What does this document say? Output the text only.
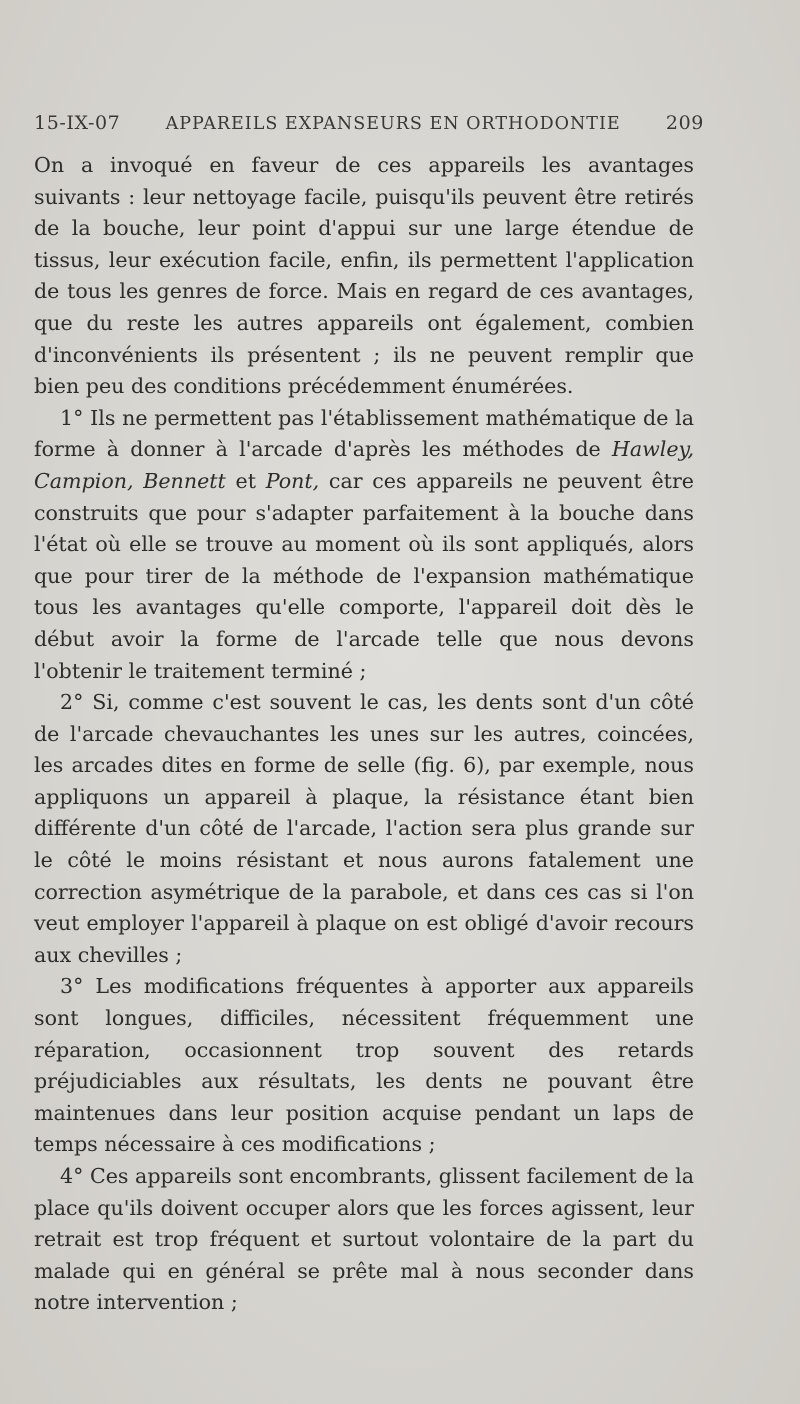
15-IX-07	APPAREILS EXPANSEURS EN ORTHODONTIE 209

On a invoqué en faveur de ces appareils les avantages suivants : leur nettoyage facile, puisqu'ils peuvent être retirés de la bouche, leur point d'appui sur une large étendue de tissus, leur exécution facile, enfin, ils permettent l'application de tous les genres de force. Mais en regard de ces avantages, que du reste les autres appareils ont également, combien d'inconvénients ils présentent ; ils ne peuvent remplir que bien peu des conditions précédemment énumérées.

1° Ils ne permettent pas l'établissement mathématique de la forme à donner à l'arcade d'après les méthodes de Hawley, Campion, Bennett et Pont, car ces appareils ne peuvent être construits que pour s'adapter parfaitement à la bouche dans l'état où elle se trouve au moment où ils sont appliqués, alors que pour tirer de la méthode de l'expansion mathématique tous les avantages qu'elle comporte, l'appareil doit dès le début avoir la forme de l'arcade telle que nous devons l'obtenir le traitement terminé ;

2° Si, comme c'est souvent le cas, les dents sont d'un côté de l'arcade chevauchantes les unes sur les autres, coincées, les arcades dites en forme de selle (fig. 6), par exemple, nous appliquons un appareil à plaque, la résistance étant bien différente d'un côté de l'arcade, l'action sera plus grande sur le côté le moins résistant et nous aurons fatalement une correction asymétrique de la parabole, et dans ces cas si l'on veut employer l'appareil à plaque on est obligé d'avoir recours aux chevilles ;

3° Les modifications fréquentes à apporter aux appareils sont longues, difficiles, nécessitent fréquemment une réparation, occasionnent trop souvent des retards préjudiciables aux résultats, les dents ne pouvant être maintenues dans leur position acquise pendant un laps de temps nécessaire à ces modifications ;

4° Ces appareils sont encombrants, glissent facilement de la place qu'ils doivent occuper alors que les forces agissent, leur retrait est trop fréquent et surtout volontaire de la part du malade qui en général se prête mal à nous seconder dans notre intervention ;
